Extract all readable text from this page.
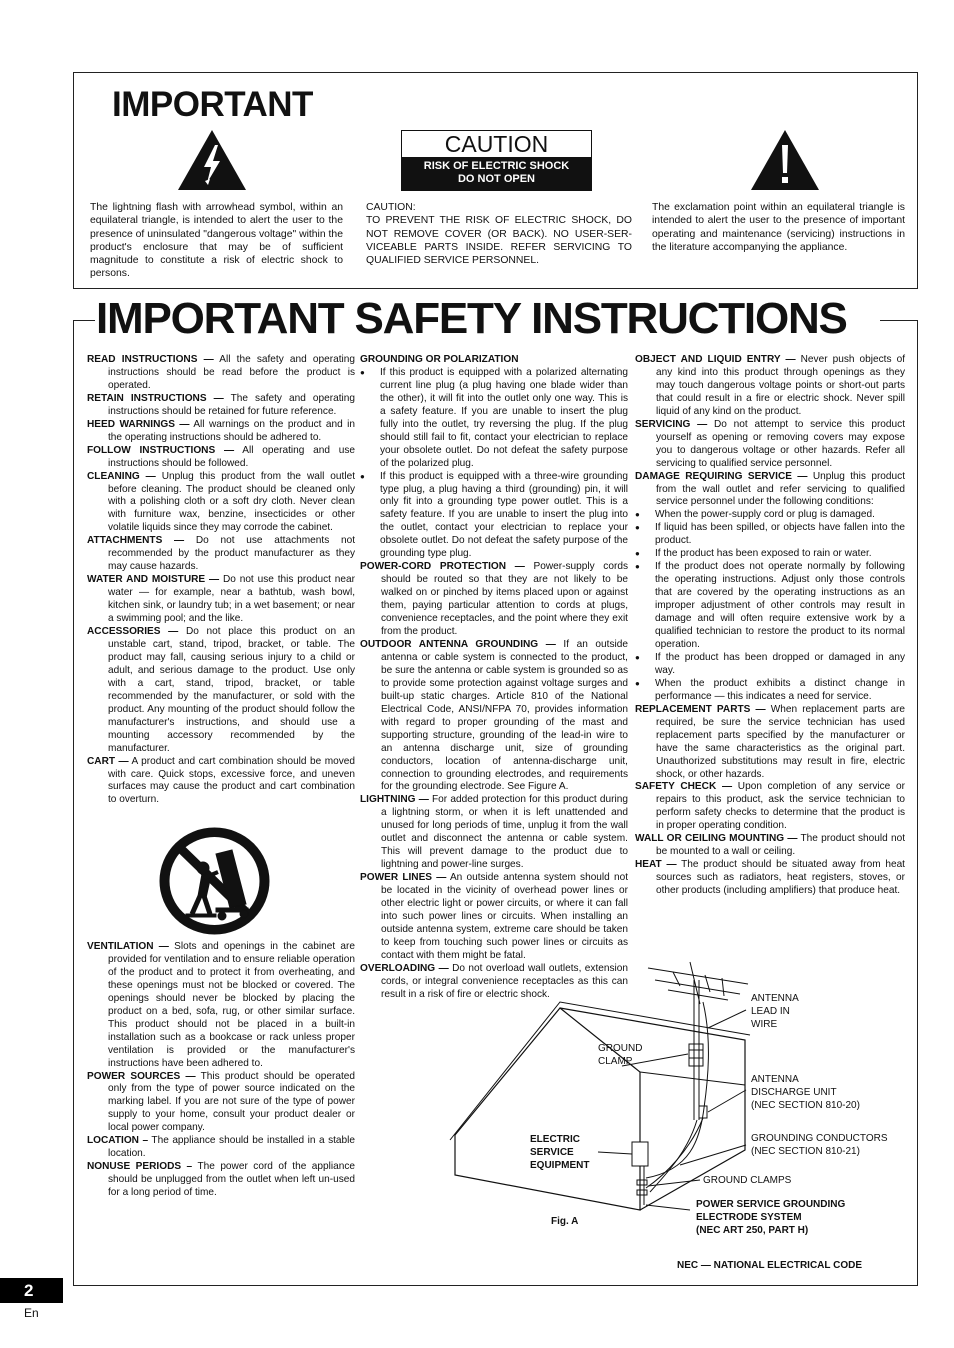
IMPORTANT
CAUTION
RISK OF ELECTRIC SHOCK
DO NOT OPEN
The lightning flash with arrowhead symbol, within an equilateral triangle, is intended to alert the user to the presence of uninsulated "dangerous voltage" within the product's enclosure that may be of sufficient magnitude to constitute a risk of electric shock to persons.
CAUTION:
TO PREVENT THE RISK OF ELECTRIC SHOCK, DO NOT REMOVE COVER (OR BACK). NO USER-SER-VICEABLE PARTS INSIDE. REFER SERVICING TO QUALIFIED SERVICE PERSONNEL.
The exclamation point within an equilateral triangle is intended to alert the user to the presence of important operating and maintenance (servicing) instructions in the literature accompanying the appliance.
IMPORTANT SAFETY INSTRUCTIONS

READ INSTRUCTIONS — All the safety and operating instructions should be read before the product is operated.

RETAIN INSTRUCTIONS — The safety and operating instructions should be retained for future reference.

HEED WARNINGS — All warnings on the product and in the operating instructions should be adhered to.

FOLLOW INSTRUCTIONS — All operating and use instructions should be followed.

CLEANING — Unplug this product from the wall outlet before cleaning. The product should be cleaned only with a polishing cloth or a soft dry cloth. Never clean with furniture wax, benzine, insecticides or other volatile liquids since they may corrode the cabinet.

ATTACHMENTS — Do not use attachments not recommended by the product manufacturer as they may cause hazards.

WATER AND MOISTURE — Do not use this product near water — for example, near a bathtub, wash bowl, kitchen sink, or laundry tub; in a wet basement; or near a swimming pool; and the like.

ACCESSORIES — Do not place this product on an unstable cart, stand, tripod, bracket, or table. The product may fall, causing serious injury to a child or adult, and serious damage to the product. Use only with a cart, stand, tripod, bracket, or table recommended by the manufacturer, or sold with the product. Any mounting of the product should follow the manufacturer's instructions, and should use a mounting accessory recommended by the manufacturer.

CART — A product and cart combination should be moved with care. Quick stops, excessive force, and uneven surfaces may cause the product and cart combination to overturn.

VENTILATION — Slots and openings in the cabinet are provided for ventilation and to ensure reliable operation of the product and to protect it from overheating, and these openings must not be blocked or covered. The openings should never be blocked by placing the product on a bed, sofa, rug, or other similar surface. This product should not be placed in a built-in installation such as a bookcase or rack unless proper ventilation is provided or the manufacturer's instructions have been adhered to.

POWER SOURCES — This product should be operated only from the type of power source indicated on the marking label. If you are not sure of the type of power supply to your home, consult your product dealer or local power company.

LOCATION – The appliance should be installed in a stable location.

NONUSE PERIODS – The power cord of the appliance should be unplugged from the outlet when left un-used for a long period of time.

GROUNDING OR POLARIZATION
● If this product is equipped with a polarized alternating current line plug (a plug having one blade wider than the other), it will fit into the outlet only one way. This is a safety feature. If you are unable to insert the plug fully into the outlet, try reversing the plug. If the plug should still fail to fit, contact your electrician to replace your obsolete outlet. Do not defeat the safety purpose of the polarized plug.
● If this product is equipped with a three-wire grounding type plug, a plug having a third (grounding) pin, it will only fit into a grounding type power outlet. This is a safety feature. If you are unable to insert the plug into the outlet, contact your electrician to replace your obsolete outlet. Do not defeat the safety purpose of the grounding type plug.

POWER-CORD PROTECTION — Power-supply cords should be routed so that they are not likely to be walked on or pinched by items placed upon or against them, paying particular attention to cords at plugs, convenience receptacles, and the point where they exit from the product.

OUTDOOR ANTENNA GROUNDING — If an outside antenna or cable system is connected to the product, be sure the antenna or cable system is grounded so as to provide some protection against voltage surges and built-up static charges. Article 810 of the National Electrical Code, ANSI/NFPA 70, provides information with regard to proper grounding of the mast and supporting structure, grounding of the lead-in wire to an antenna discharge unit, size of grounding conductors, location of antenna-discharge unit, connection to grounding electrodes, and requirements for the grounding electrode. See Figure A.

LIGHTNING — For added protection for this product during a lightning storm, or when it is left unattended and unused for long periods of time, unplug it from the wall outlet and disconnect the antenna or cable system. This will prevent damage to the product due to lightning and power-line surges.

POWER LINES — An outside antenna system should not be located in the vicinity of overhead power lines or other electric light or power circuits, or where it can fall into such power lines or circuits. When installing an outside antenna system, extreme care should be taken to keep from touching such power lines or circuits as contact with them might be fatal.

OVERLOADING — Do not overload wall outlets, extension cords, or integral convenience receptacles as this can result in a risk of fire or electric shock.

OBJECT AND LIQUID ENTRY — Never push objects of any kind into this product through openings as they may touch dangerous voltage points or short-out parts that could result in a fire or electric shock. Never spill liquid of any kind on the product.

SERVICING — Do not attempt to service this product yourself as opening or removing covers may expose you to dangerous voltage or other hazards. Refer all servicing to qualified service personnel.

DAMAGE REQUIRING SERVICE — Unplug this product from the wall outlet and refer servicing to qualified service personnel under the following conditions:

● When the power-supply cord or plug is damaged.
● If liquid has been spilled, or objects have fallen into the product.
● If the product has been exposed to rain or water.
● If the product does not operate normally by following the operating instructions. Adjust only those controls that are covered by the operating instructions as an improper adjustment of other controls may result in damage and will often require extensive work by a qualified technician to restore the product to its normal operation.
● If the product has been dropped or damaged in any way.
● When the product exhibits a distinct change in performance — this indicates a need for service.

REPLACEMENT PARTS — When replacement parts are required, be sure the service technician has used replacement parts specified by the manufacturer or have the same characteristics as the original part. Unauthorized substitutions may result in fire, electric shock, or other hazards.

SAFETY CHECK — Upon completion of any service or repairs to this product, ask the service technician to perform safety checks to determine that the product is in proper operating condition.

WALL OR CEILING MOUNTING — The product should not be mounted to a wall or ceiling.

HEAT — The product should be situated away from heat sources such as radiators, heat registers, stoves, or other products (including amplifiers) that produce heat.

ANTENNA
LEAD IN
WIRE
GROUND
CLAMP
ANTENNA
DISCHARGE UNIT
(NEC SECTION 810-20)
GROUNDING CONDUCTORS
(NEC SECTION 810-21)
ELECTRIC
SERVICE
EQUIPMENT
GROUND CLAMPS
POWER SERVICE GROUNDING
ELECTRODE SYSTEM
(NEC ART 250, PART H)
Fig. A
NEC — NATIONAL ELECTRICAL CODE
2
En
